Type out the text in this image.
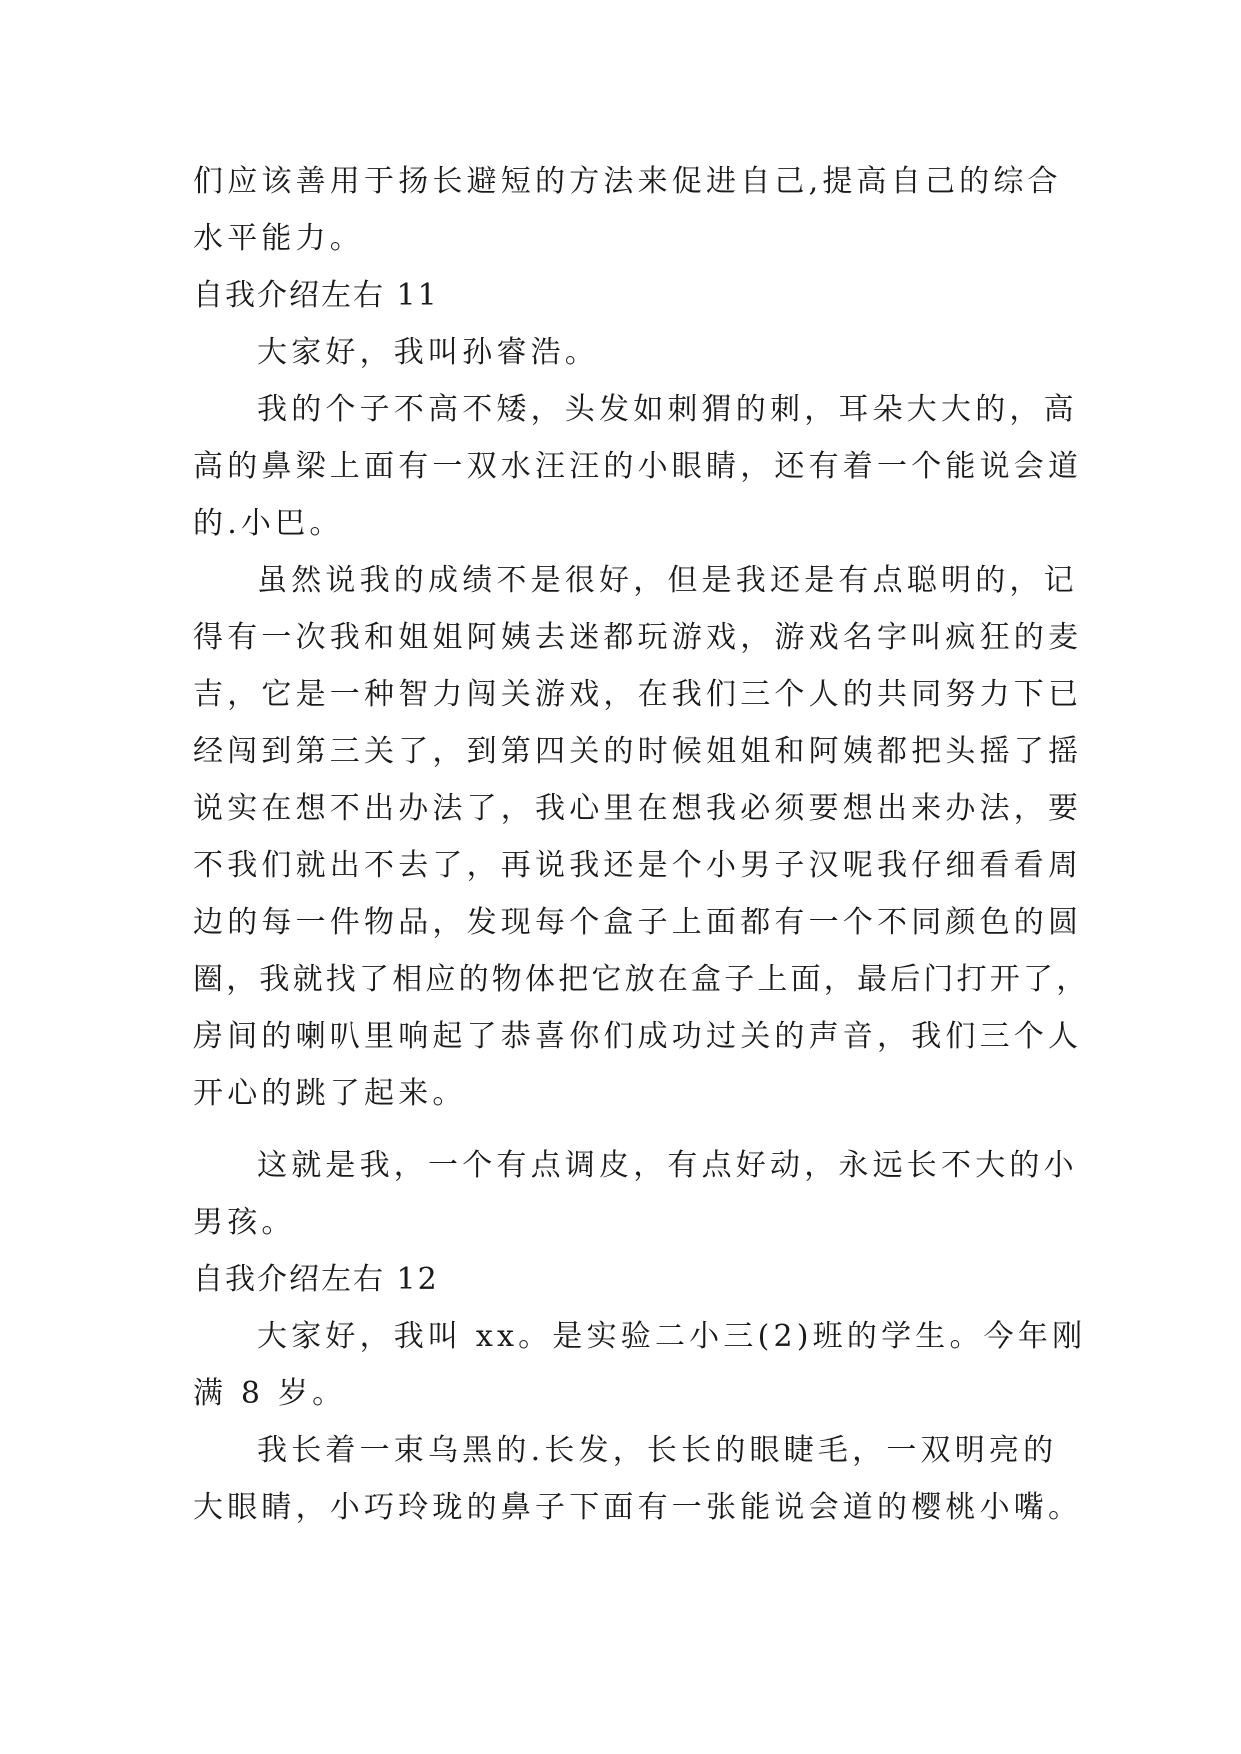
们应该善用于扬长避短的方法来促进自己,提高自己的综合
水平能力。
自我介绍左右 11
大家好，我叫孙睿浩。
我的个子不高不矮，头发如刺猬的刺，耳朵大大的，高
高的鼻梁上面有一双水汪汪的小眼睛，还有着一个能说会道
的.小巴。
虽然说我的成绩不是很好，但是我还是有点聪明的，记
得有一次我和姐姐阿姨去迷都玩游戏，游戏名字叫疯狂的麦
吉，它是一种智力闯关游戏，在我们三个人的共同努力下已
经闯到第三关了，到第四关的时候姐姐和阿姨都把头摇了摇
说实在想不出办法了，我心里在想我必须要想出来办法，要
不我们就出不去了，再说我还是个小男子汉呢我仔细看看周
边的每一件物品，发现每个盒子上面都有一个不同颜色的圆
圈，我就找了相应的物体把它放在盒子上面，最后门打开了，
房间的喇叭里响起了恭喜你们成功过关的声音，我们三个人
开心的跳了起来。
这就是我，一个有点调皮，有点好动，永远长不大的小
男孩。
自我介绍左右 12
大家好，我叫 xx。是实验二小三(2)班的学生。今年刚
满 8 岁。
我长着一束乌黑的.长发，长长的眼睫毛，一双明亮的
大眼睛，小巧玲珑的鼻子下面有一张能说会道的樱桃小嘴。
